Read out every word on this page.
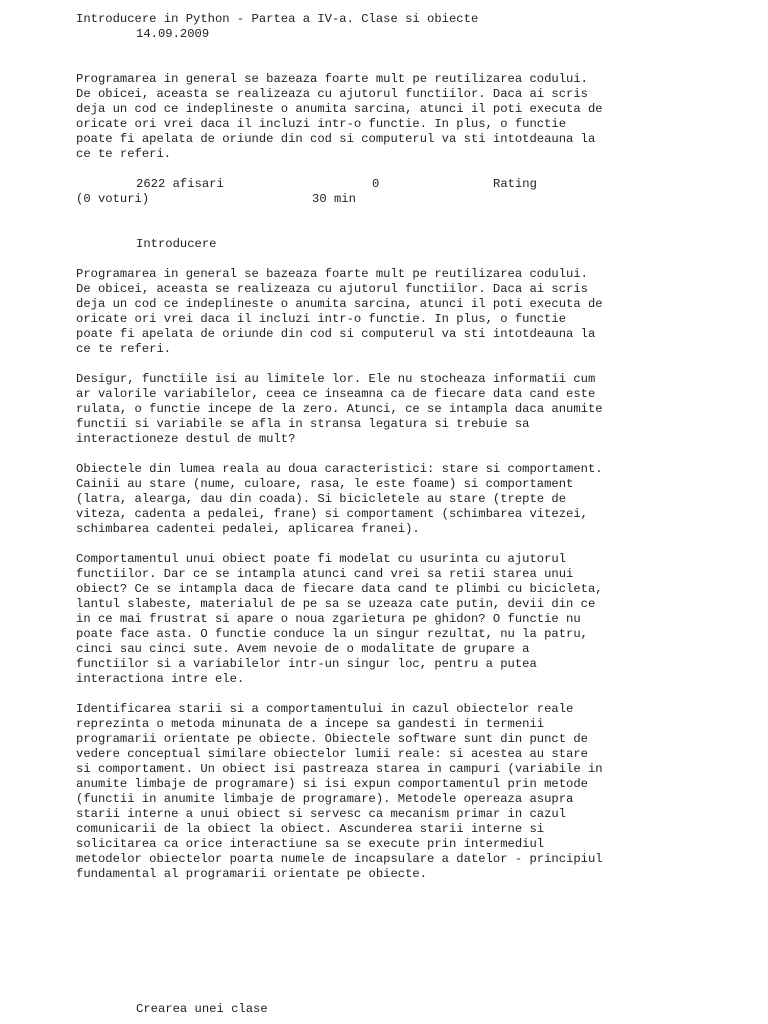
Introducere in Python - Partea a IV-a. Clase si obiecte
14.09.2009
Programarea in general se bazeaza foarte mult pe reutilizarea codului.
De obicei, aceasta se realizeaza cu ajutorul functiilor. Daca ai scris
deja un cod ce indeplineste o anumita sarcina, atunci il poti executa de
oricate ori vrei daca il incluzi intr-o functie. In plus, o functie
poate fi apelata de oriunde din cod si computerul va sti intotdeauna la
ce te referi.

2622 afisari

	0

	Rating

(0 voturi)

	30 min

Introducere
Programarea in general se bazeaza foarte mult pe reutilizarea codului.
De obicei, aceasta se realizeaza cu ajutorul functiilor. Daca ai scris
deja un cod ce indeplineste o anumita sarcina, atunci il poti executa de
oricate ori vrei daca il incluzi intr-o functie. In plus, o functie
poate fi apelata de oriunde din cod si computerul va sti intotdeauna la
ce te referi.
Desigur, functiile isi au limitele lor. Ele nu stocheaza informatii cum
ar valorile variabilelor, ceea ce inseamna ca de fiecare data cand este
rulata, o functie incepe de la zero. Atunci, ce se intampla daca anumite
functii si variabile se afla in stransa legatura si trebuie sa
interactioneze destul de mult?
Obiectele din lumea reala au doua caracteristici: stare si comportament.
Cainii au stare (nume, culoare, rasa, le este foame) si comportament
(latra, alearga, dau din coada). Si bicicletele au stare (trepte de
viteza, cadenta a pedalei, frane) si comportament (schimbarea vitezei,
schimbarea cadentei pedalei, aplicarea franei).
Comportamentul unui obiect poate fi modelat cu usurinta cu ajutorul
functiilor. Dar ce se intampla atunci cand vrei sa retii starea unui
obiect? Ce se intampla daca de fiecare data cand te plimbi cu bicicleta,
lantul slabeste, materialul de pe sa se uzeaza cate putin, devii din ce
in ce mai frustrat si apare o noua zgarietura pe ghidon? O functie nu
poate face asta. O functie conduce la un singur rezultat, nu la patru,
cinci sau cinci sute. Avem nevoie de o modalitate de grupare a
functiilor si a variabilelor intr-un singur loc, pentru a putea
interactiona intre ele.
Identificarea starii si a comportamentului in cazul obiectelor reale
reprezinta o metoda minunata de a incepe sa gandesti in termenii
programarii orientate pe obiecte. Obiectele software sunt din punct de
vedere conceptual similare obiectelor lumii reale: si acestea au stare
si comportament. Un obiect isi pastreaza starea in campuri (variabile in
anumite limbaje de programare) si isi expun comportamentul prin metode
(functii in anumite limbaje de programare). Metodele opereaza asupra
starii interne a unui obiect si servesc ca mecanism primar in cazul
comunicarii de la obiect la obiect. Ascunderea starii interne si
solicitarea ca orice interactiune sa se execute prin intermediul
metodelor obiectelor poarta numele de incapsulare a datelor - principiul
fundamental al programarii orientate pe obiecte.
Crearea unei clase
